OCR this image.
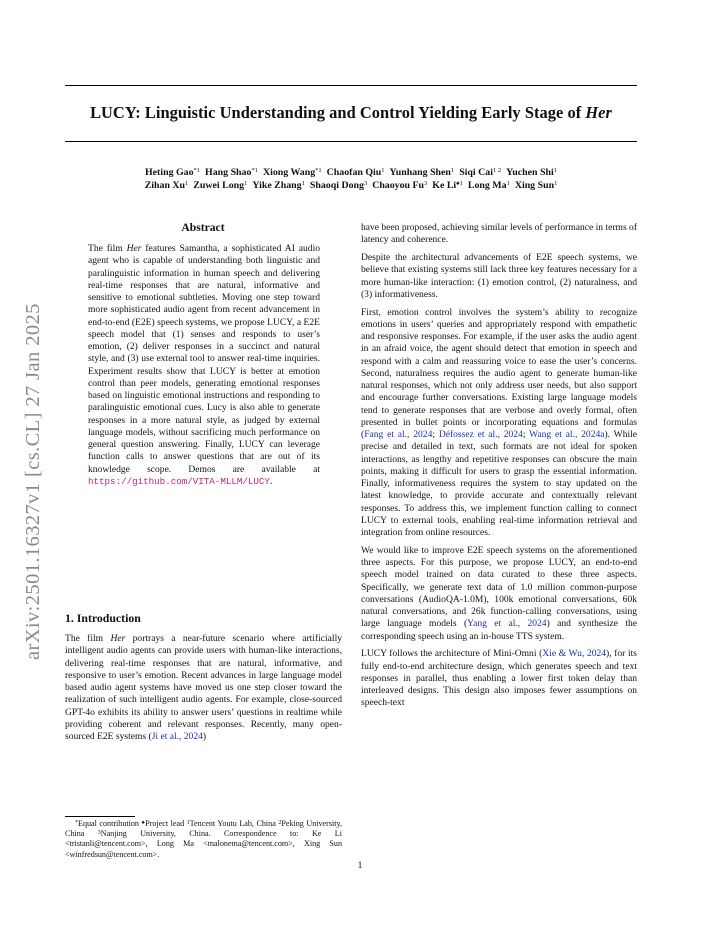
LUCY: Linguistic Understanding and Control Yielding Early Stage of Her
Heting Gao$^{*1}$ Hang Shao$^{*1}$ Xiong Wang$^{*1}$ Chaofan Qiu$^1$ Yunhang Shen$^1$ Siqi Cai$^{1 2}$ Yuchen Shi$^1$
Zihan Xu$^1$ Zuwei Long$^1$ Yike Zhang$^1$ Shaoqi Dong$^3$ Chaoyou Fu$^3$ Ke $Li^{♠1}$ Long Ma$^1$ Xing Sun$^1$
arXiv:2501.16327v1 [cs.CL] 27 Jan 2025
Abstract

The film Her features Samantha, a sophisticated AI audio agent who is capable of understanding both linguistic and paralinguistic information in human speech and delivering real-time responses that are natural, informative and sensitive to emotional subtleties. Moving one step toward more sophisticated audio agent from recent advancement in end-to-end (E2E) speech systems, we propose LUCY, a E2E speech model that (1) senses and responds to user’s emotion, (2) deliver responses in a succinct and natural style, and (3) use external tool to answer real-time inquiries. Experiment results show that LUCY is better at emotion control than peer models, generating emotional responses based on linguistic emotional instructions and responding to paralinguistic emotional cues. Lucy is also able to generate responses in a more natural style, as judged by external language models, without sacrificing much performance on general question answering. Finally, LUCY can leverage function calls to answer questions that are out of its knowledge scope. Demos are available at https://github.com/VITA-MLLM/LUCY.

1. Introduction

The film Her portrays a near-future scenario where artificially intelligent audio agents can provide users with human-like interactions, delivering real-time responses that are natural, informative, and responsive to user’s emotion. Recent advances in large language model based audio agent systems have moved us one step closer toward the realization of such intelligent audio agents. For example, close-sourced GPT-4o exhibits its ability to answer users’ questions in realtime while providing coherent and relevant responses. Recently, many open-sourced E2E systems (Ji et al., 2024)

*Equal contribution ♠Project lead $^1$Tencent Youtu Lab, China $^2$Peking University, China $^3$Nanjing University, China. Correspondence to: Ke Li <tristanli@tencent.com>, Long Ma <malonema@tencent.com>, Xing Sun <winfredsun@tencent.com>.

have been proposed, achieving similar levels of performance in terms of latency and coherence.

Despite the architectural advancements of E2E speech systems, we believe that existing systems still lack three key features necessary for a more human-like interaction: (1) emotion control, (2) naturalness, and (3) informativeness.

First, emotion control involves the system’s ability to recognize emotions in users’ queries and appropriately respond with empathetic and responsive responses. For example, if the user asks the audio agent in an afraid voice, the agent should detect that emotion in speech and respond with a calm and reassuring voice to ease the user’s concerns. Second, naturalness requires the audio agent to generate human-like natural responses, which not only address user needs, but also support and encourage further conversations. Existing large language models tend to generate responses that are verbose and overly formal, often presented in bullet points or incorporating equations and formulas (Fang et al., 2024; Défossez et al., 2024; Wang et al., 2024a). While precise and detailed in text, such formats are not ideal for spoken interactions, as lengthy and repetitive responses can obscure the main points, making it difficult for users to grasp the essential information. Finally, informativeness requires the system to stay updated on the latest knowledge, to provide accurate and contextually relevant responses. To address this, we implement function calling to connect LUCY to external tools, enabling real-time information retrieval and integration from online resources.

We would like to improve E2E speech systems on the aforementioned three aspects. For this purpose, we propose LUCY, an end-to-end speech model trained on data curated to these three aspects. Specifically, we generate text data of 1.0 million common-purpose conversations (AudioQA-1.0M), 100k emotional conversations, 60k natural conversations, and 26k function-calling conversations, using large language models (Yang et al., 2024) and synthesize the corresponding speech using an in-house TTS system.

LUCY follows the architecture of Mini-Omni (Xie & Wu, 2024), for its fully end-to-end architecture design, which generates speech and text responses in parallel, thus enabling a lower first token delay than interleaved designs. This design also imposes fewer assumptions on speech-text

1
